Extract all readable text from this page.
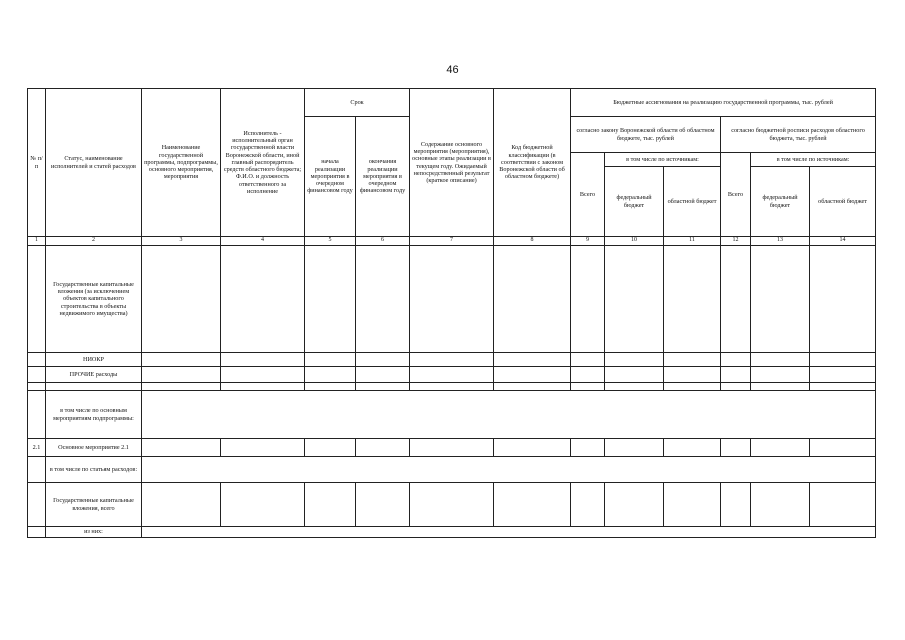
46
№ п/п	Статус, наименование исполнителей и статей расходов	Наименование государственной программы, подпрограммы, основного мероприятия, мероприятия	Исполнитель - исполнительный орган государственной власти Воронежской области, иной главный распорядитель средств областного бюджета; Ф.И.О. и должность ответственного за исполнение	Срок		Содержание основного мероприятия (мероприятия), основные этапы реализации в текущем году. Ожидаемый непосредственный результат (краткое описание)	Код бюджетной классификации (в соответствии с законом Воронежской области об областном бюджете)	Бюджетные ассигнования на реализацию государственной программы, тыс. рублей					
				начала реализации мероприятия в очередном финансовом году	окончания реализации мероприятия в очередном финансовом году			согласно закону Воронежской области об областном бюджете, тыс. рублей			согласно бюджетной росписи расходов областного бюджета, тыс. рублей		
								Всего	в том числе по источникам:		Всего	в том числе по источникам:	
									федеральный бюджет	областной бюджет		федеральный бюджет	областной бюджет

1	2	3	4	5	6	7	8	9	10	11	12	13	14
	Государственные капитальные вложения (за исключением объектов капитального строительства в объекты недвижимого имущества)												
	НИОКР												
	ПРОЧИЕ расходы												

	в том числе по основным мероприятиям подпрограммы:												
2.1	Основное мероприятие 2.1												
	в том числе по статьям расходов:												
	Государственные капитальные вложения, всего												
	из них:												
